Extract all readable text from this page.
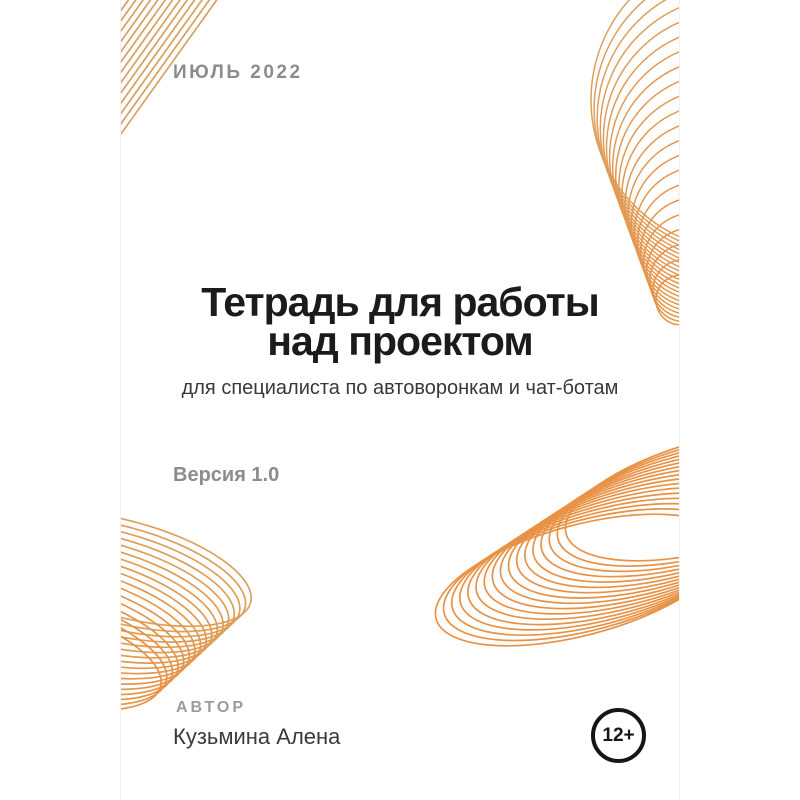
ИЮЛЬ 2022
Тетрадь для работы
над проектом
для специалиста по автоворонкам и чат-ботам
Версия 1.0
АВТОР
Кузьмина Алена	12+
